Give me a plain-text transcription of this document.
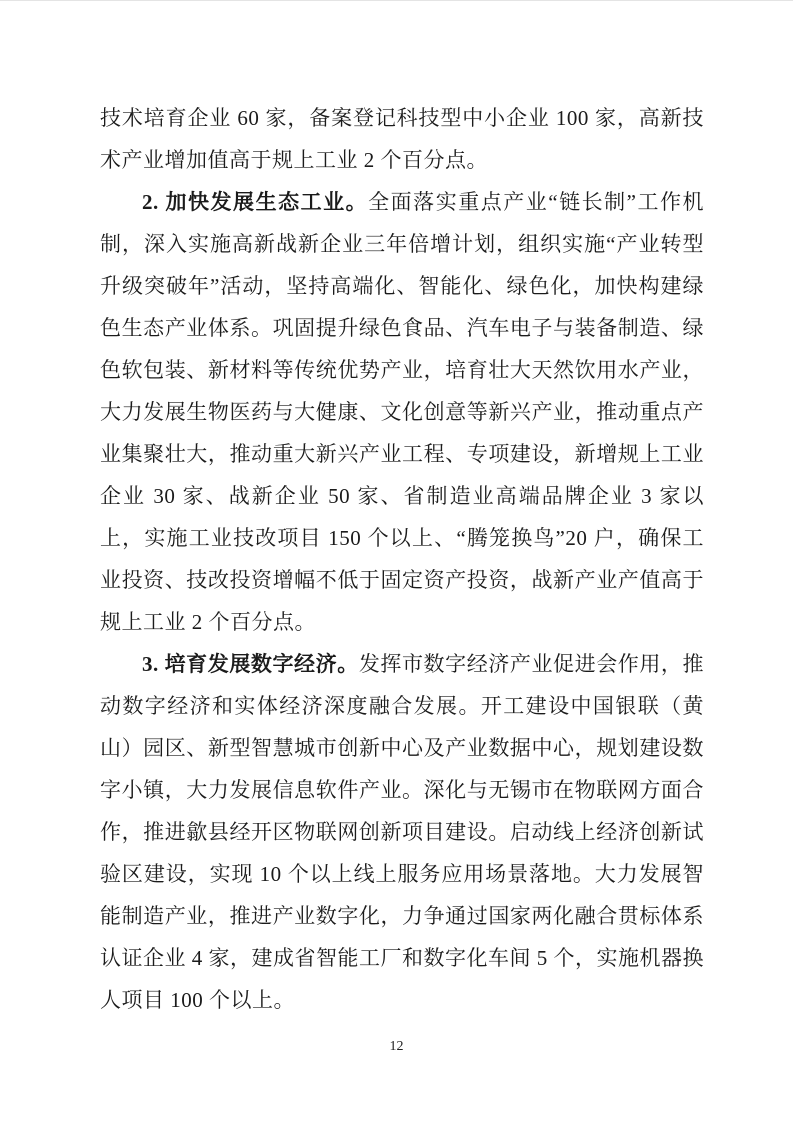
技术培育企业 60 家，备案登记科技型中小企业 100 家，高新技术产业增加值高于规上工业 2 个百分点。

2. 加快发展生态工业。全面落实重点产业“链长制”工作机制，深入实施高新战新企业三年倍增计划，组织实施“产业转型升级突破年”活动，坚持高端化、智能化、绿色化，加快构建绿色生态产业体系。巩固提升绿色食品、汽车电子与装备制造、绿色软包装、新材料等传统优势产业，培育壮大天然饮用水产业，大力发展生物医药与大健康、文化创意等新兴产业，推动重点产业集聚壮大，推动重大新兴产业工程、专项建设，新增规上工业企业 30 家、战新企业 50 家、省制造业高端品牌企业 3 家以上，实施工业技改项目 150 个以上、“腾笼换鸟”20 户，确保工业投资、技改投资增幅不低于固定资产投资，战新产业产值高于规上工业 2 个百分点。

3. 培育发展数字经济。发挥市数字经济产业促进会作用，推动数字经济和实体经济深度融合发展。开工建设中国银联（黄山）园区、新型智慧城市创新中心及产业数据中心，规划建设数字小镇，大力发展信息软件产业。深化与无锡市在物联网方面合作，推进歙县经开区物联网创新项目建设。启动线上经济创新试验区建设，实现 10 个以上线上服务应用场景落地。大力发展智能制造产业，推进产业数字化，力争通过国家两化融合贯标体系认证企业 4 家，建成省智能工厂和数字化车间 5 个，实施机器换人项目 100 个以上。

12
